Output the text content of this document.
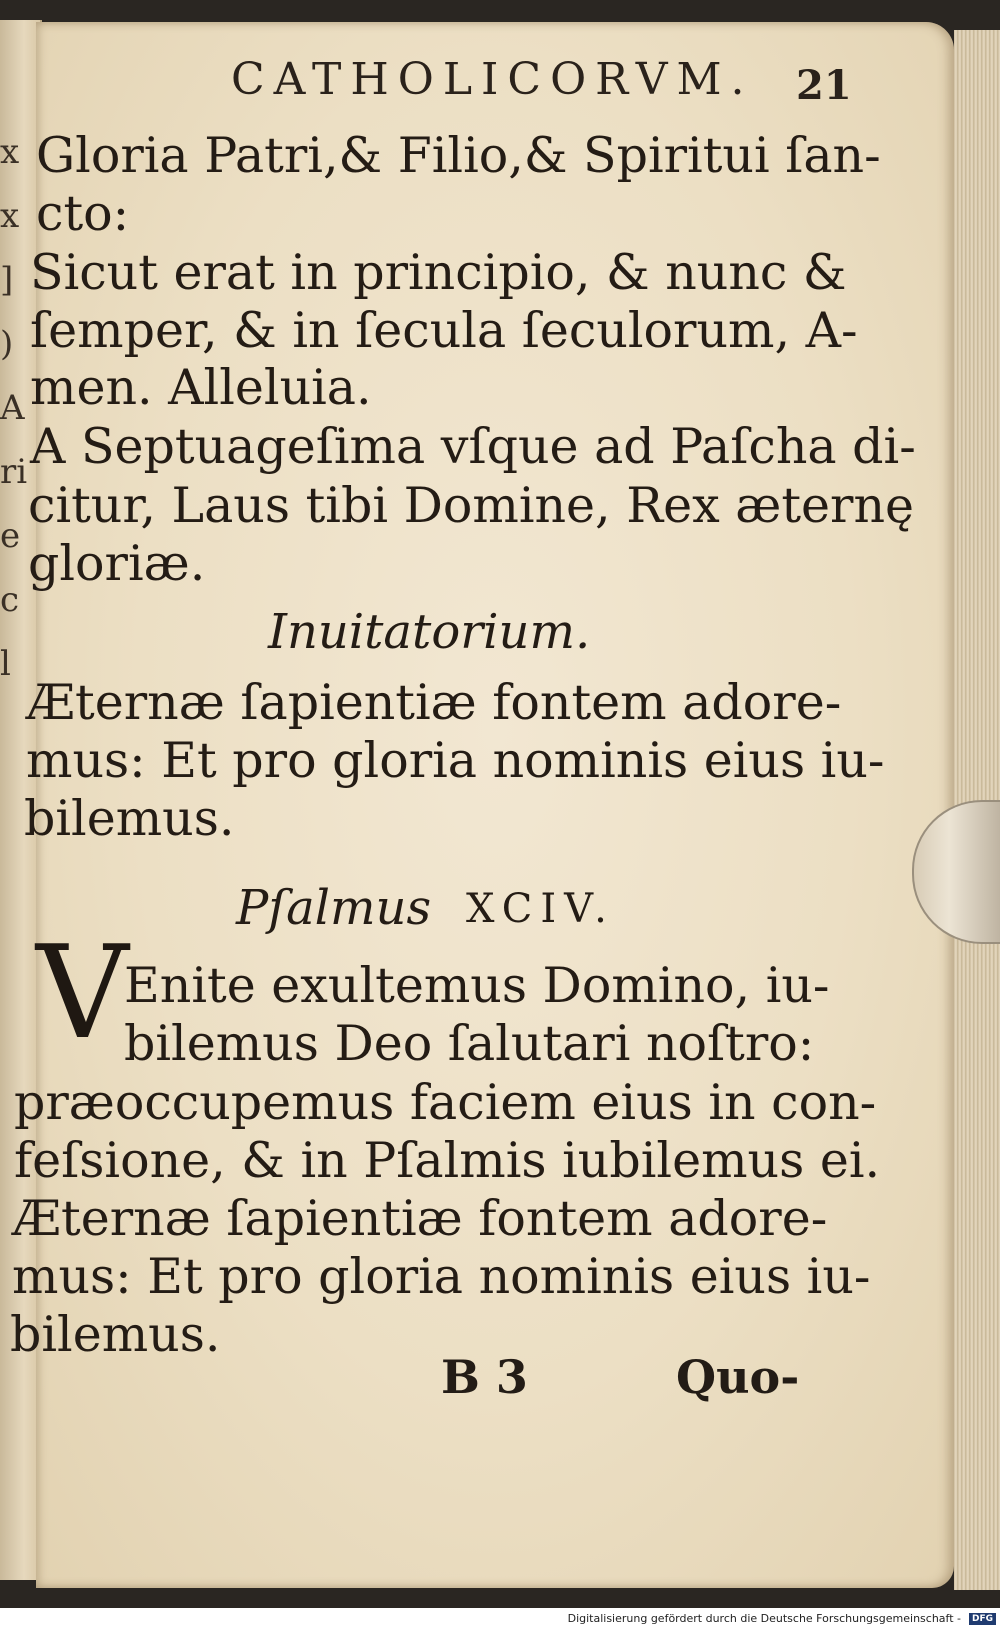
x
x
]
)
A
ri
e
c
l
CATHOLICORVM. 21
Gloria Patri,& Filio,& Spiritui ſan-
cto:
Sicut erat in principio, & nunc &
ſemper, & in ſecula ſeculorum, A-
men. Alleluia.
A Septuageſima vſque ad Paſcha di-
citur, Laus tibi Domine, Rex æternę
gloriæ.
Inuitatorium.
Æternæ ſapientiæ fontem adore-
mus: Et pro gloria nominis eius iu-
bilemus.
Pſalmus XCIV.
V
Enite exultemus Domino, iu-
bilemus Deo ſalutari noſtro:
præoccupemus faciem eius in con-
feſsione, & in Pſalmis iubilemus ei.
Æternæ ſapientiæ fontem adore-
mus: Et pro gloria nominis eius iu-
bilemus.
B 3	Quo-
Digitalisierung gefördert durch die Deutsche Forschungsgemeinschaft - DFG
